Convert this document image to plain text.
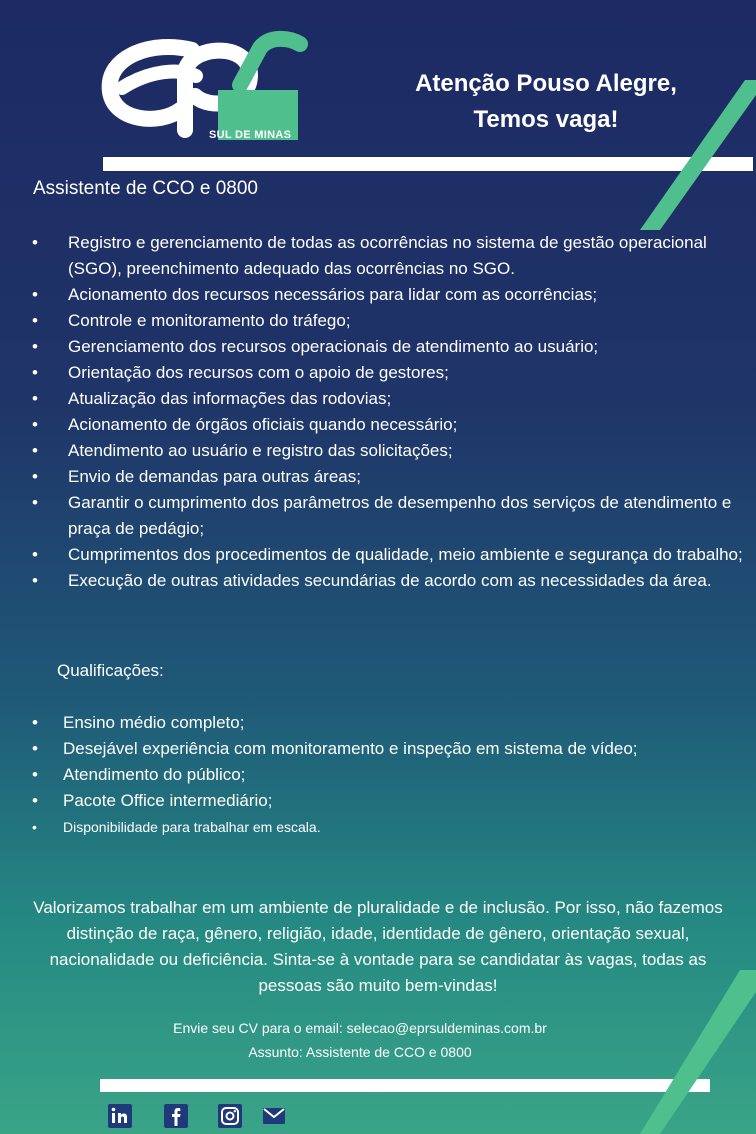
SUL DE MINAS
Atenção Pouso Alegre,
Temos vaga!
Assistente de CCO e 0800
• Registro e gerenciamento de todas as ocorrências no sistema de gestão operacional (SGO), preenchimento adequado das ocorrências no SGO.
• Acionamento dos recursos necessários para lidar com as ocorrências;
• Controle e monitoramento do tráfego;
• Gerenciamento dos recursos operacionais de atendimento ao usuário;
• Orientação dos recursos com o apoio de gestores;
• Atualização das informações das rodovias;
• Acionamento de órgãos oficiais quando necessário;
• Atendimento ao usuário e registro das solicitações;
• Envio de demandas para outras áreas;
• Garantir o cumprimento dos parâmetros de desempenho dos serviços de atendimento e praça de pedágio;
• Cumprimentos dos procedimentos de qualidade, meio ambiente e segurança do trabalho;
• Execução de outras atividades secundárias de acordo com as necessidades da área.
Qualificações:
• Ensino médio completo;
• Desejável experiência com monitoramento e inspeção em sistema de vídeo;
• Atendimento do público;
• Pacote Office intermediário;
• Disponibilidade para trabalhar em escala.
Valorizamos trabalhar em um ambiente de pluralidade e de inclusão. Por isso, não fazemos distinção de raça, gênero, religião, idade, identidade de gênero, orientação sexual, nacionalidade ou deficiência. Sinta-se à vontade para se candidatar às vagas, todas as pessoas são muito bem-vindas!
Envie seu CV para o email: selecao@eprsuldeminas.com.br
Assunto: Assistente de CCO e 0800
